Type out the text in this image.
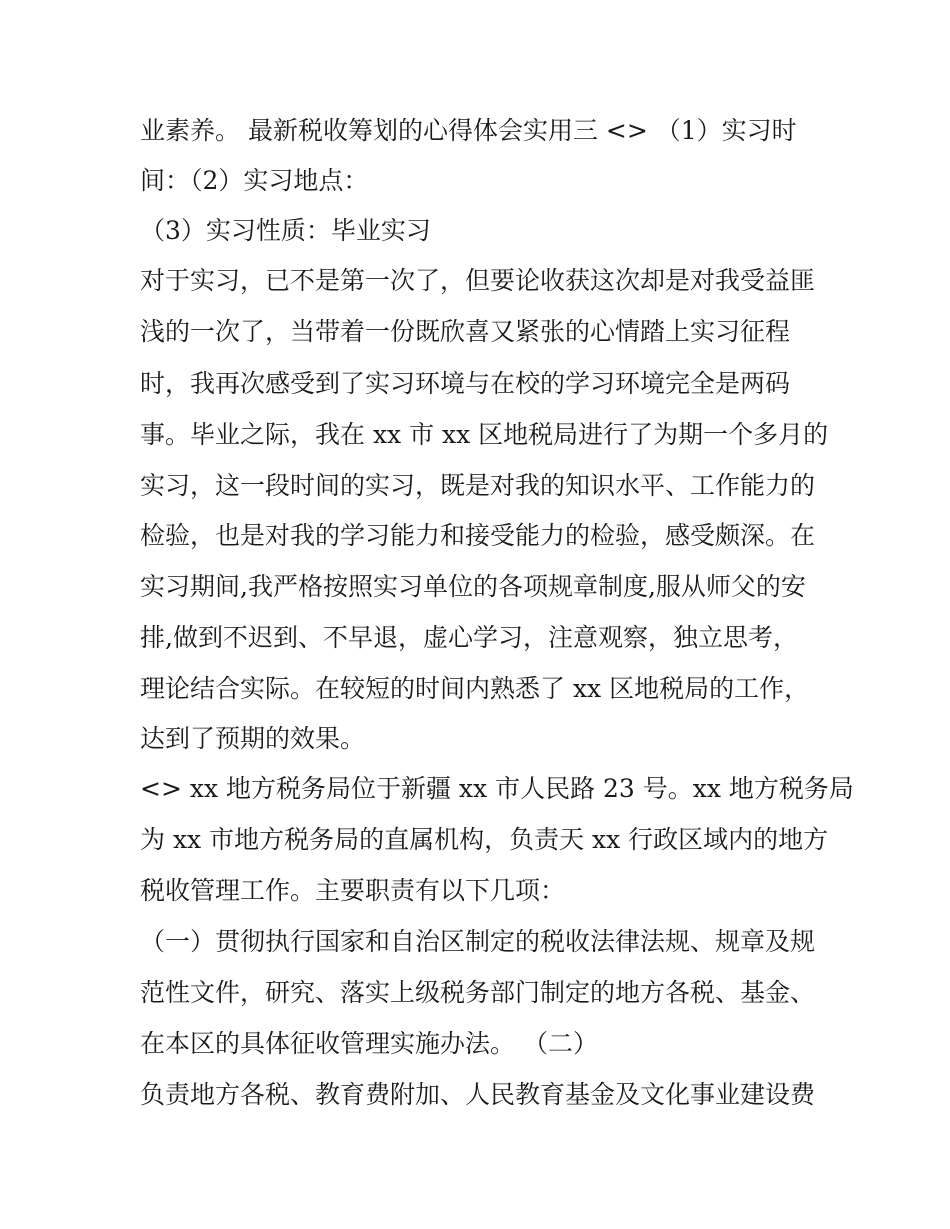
业素养。 最新税收筹划的心得体会实用三 <> （1）实习时

间：（2）实习地点：

（3）实习性质：毕业实习

对于实习，已不是第一次了，但要论收获这次却是对我受益匪

浅的一次了，当带着一份既欣喜又紧张的心情踏上实习征程

时，我再次感受到了实习环境与在校的学习环境完全是两码

事。毕业之际，我在 xx 市 xx 区地税局进行了为期一个多月的

实习，这一段时间的实习，既是对我的知识水平、工作能力的

检验，也是对我的学习能力和接受能力的检验，感受颇深。在

实习期间,我严格按照实习单位的各项规章制度,服从师父的安

排,做到不迟到、不早退，虚心学习，注意观察，独立思考，

理论结合实际。在较短的时间内熟悉了 xx 区地税局的工作，

达到了预期的效果。

<> xx 地方税务局位于新疆 xx 市人民路 23 号。xx 地方税务局

为 xx 市地方税务局的直属机构，负责天 xx 行政区域内的地方

税收管理工作。主要职责有以下几项：

（一）贯彻执行国家和自治区制定的税收法律法规、规章及规

范性文件，研究、落实上级税务部门制定的地方各税、基金、

在本区的具体征收管理实施办法。 （二）

负责地方各税、教育费附加、人民教育基金及文化事业建设费
